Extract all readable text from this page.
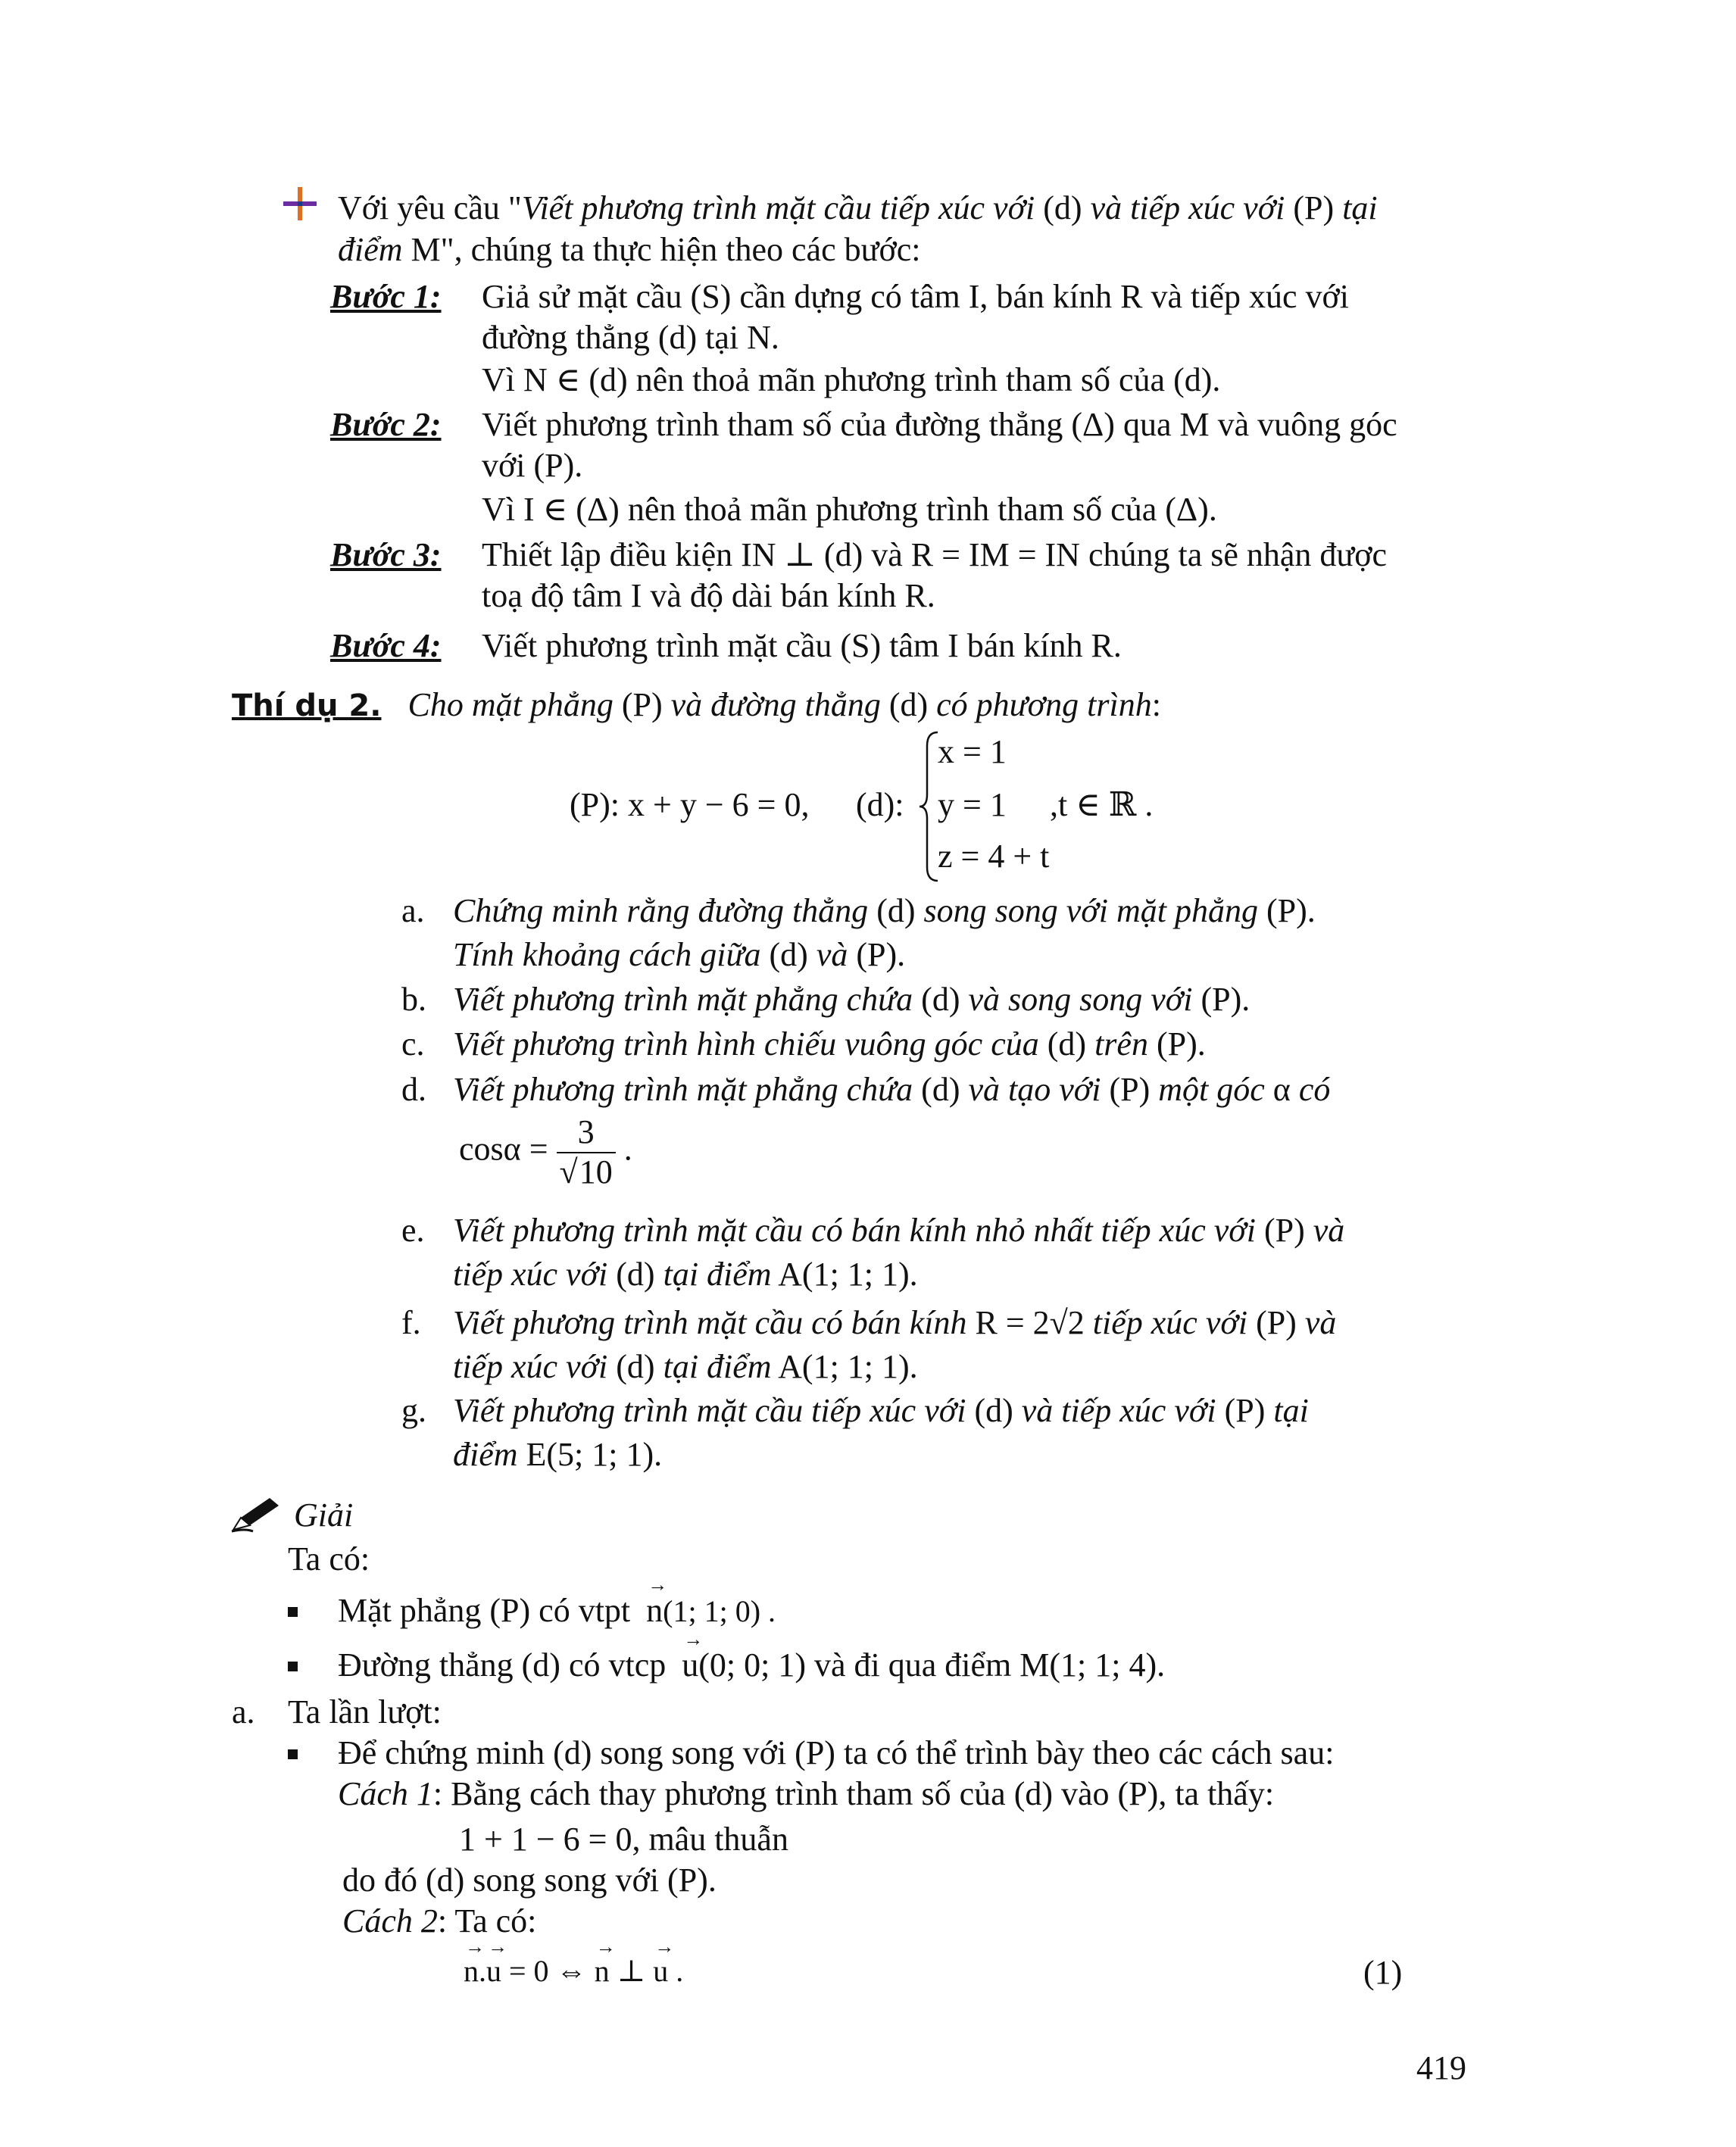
Với yêu cầu "Viết phương trình mặt cầu tiếp xúc với (d) và tiếp xúc với (P) tại
điểm M", chúng ta thực hiện theo các bước:
Bước 1: Giả sử mặt cầu (S) cần dựng có tâm I, bán kính R và tiếp xúc với
đường thẳng (d) tại N.
Vì N ∈ (d) nên thoả mãn phương trình tham số của (d).
Bước 2: Viết phương trình tham số của đường thẳng (Δ) qua M và vuông góc
với (P).
Vì I ∈ (Δ) nên thoả mãn phương trình tham số của (Δ).
Bước 3: Thiết lập điều kiện IN ⊥ (d) và R = IM = IN chúng ta sẽ nhận được
toạ độ tâm I và độ dài bán kính R.
Bước 4: Viết phương trình mặt cầu (S) tâm I bán kính R.
Thí dụ 2. Cho mặt phẳng (P) và đường thẳng (d) có phương trình:
(P): x + y − 6 = 0, (d):
x = 1
y = 1
z = 4 + t
,t ∈ ℝ .
a. Chứng minh rằng đường thẳng (d) song song với mặt phẳng (P).
Tính khoảng cách giữa (d) và (P).
b. Viết phương trình mặt phẳng chứa (d) và song song với (P).
c. Viết phương trình hình chiếu vuông góc của (d) trên (P).
d. Viết phương trình mặt phẳng chứa (d) và tạo với (P) một góc α có
$\cos\alpha = \frac{3}{√10}$ .
e. Viết phương trình mặt cầu có bán kính nhỏ nhất tiếp xúc với (P) và
tiếp xúc với (d) tại điểm A(1; 1; 1).
f. Viết phương trình mặt cầu có bán kính R = 2√2 tiếp xúc với (P) và
tiếp xúc với (d) tại điểm A(1; 1; 1).
g. Viết phương trình mặt cầu tiếp xúc với (d) và tiếp xúc với (P) tại
điểm E(5; 1; 1).
Giải
Ta có:
Mặt phẳng (P) có vtpt → n(1; 1; 0) .
Đường thẳng (d) có vtcp → u(0; 0; 1) và đi qua điểm M(1; 1; 4).
a. Ta lần lượt:
Để chứng minh (d) song song với (P) ta có thể trình bày theo các cách sau:
Cách 1: Bằng cách thay phương trình tham số của (d) vào (P), ta thấy:
1 + 1 − 6 = 0, mâu thuẫn
do đó (d) song song với (P).
Cách 2: Ta có:
→ n.→ u = 0 ⇔ → n ⊥ → u .	(1)
419
